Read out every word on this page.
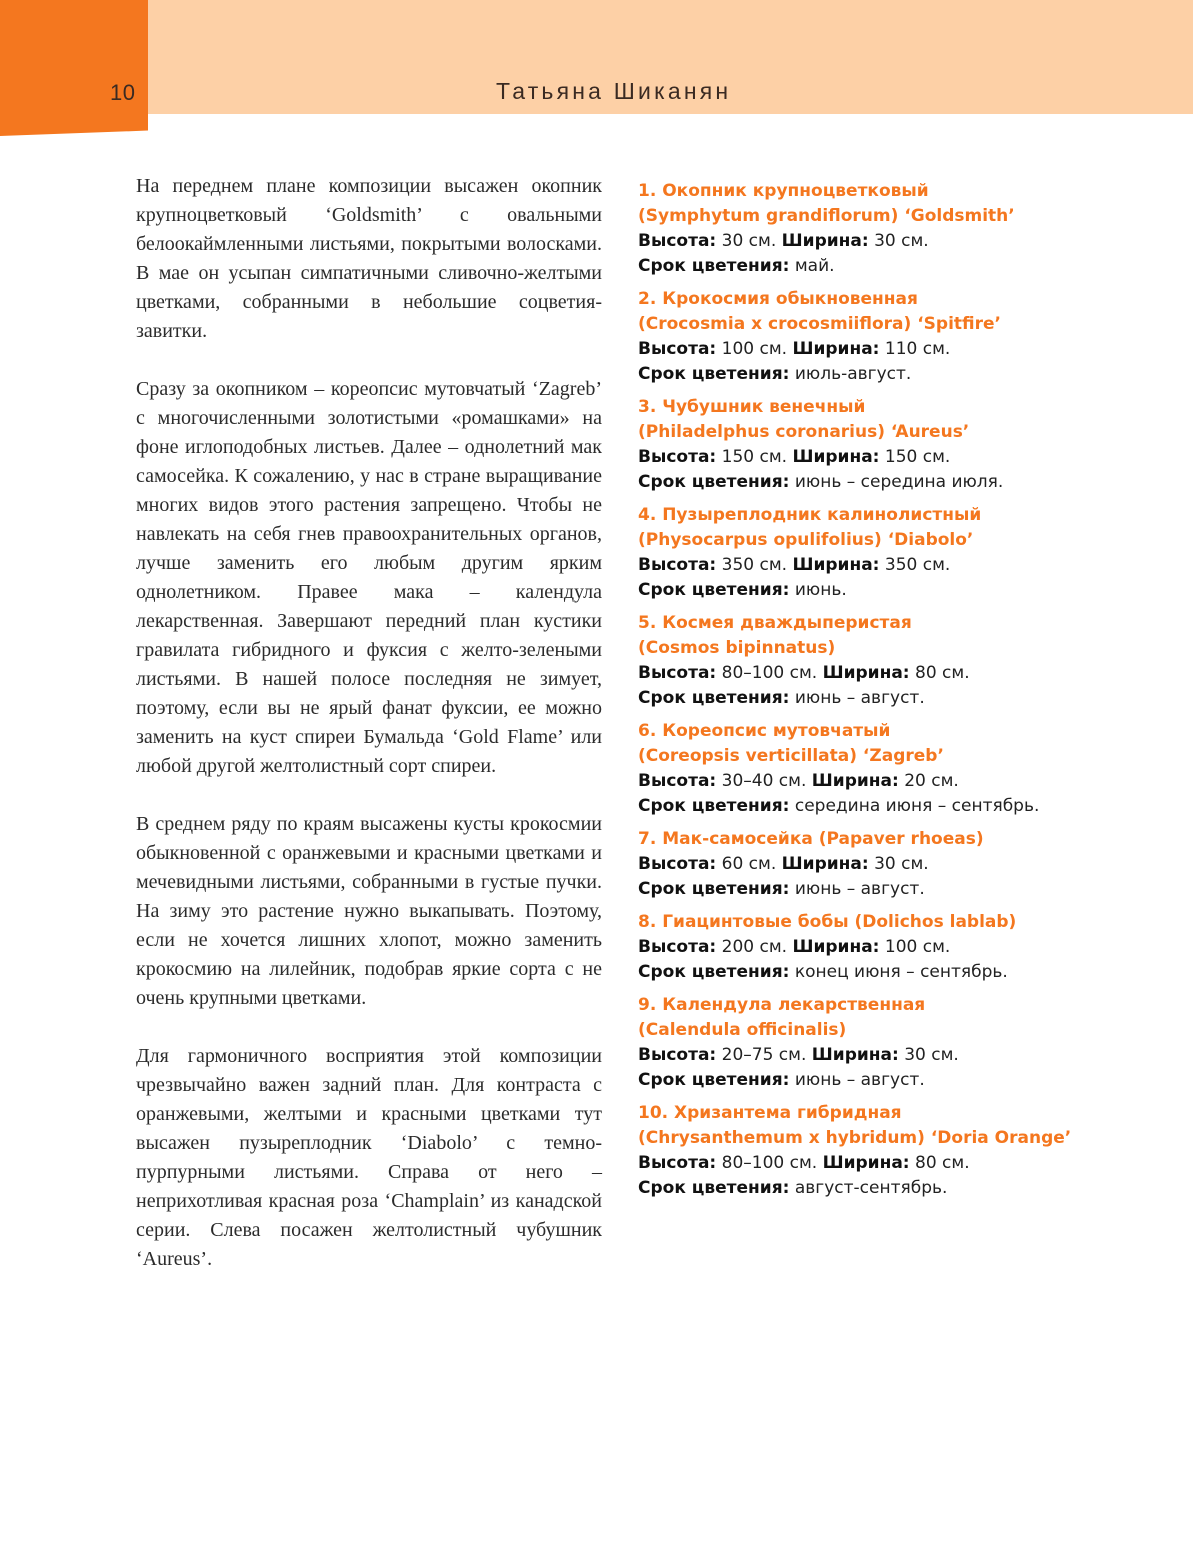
10	Татьяна Шиканян

На переднем плане композиции высажен окопник крупноцветковый ‘Goldsmith’ с овальными белоокаймленными листьями, покрытыми волосками. В мае он усыпан симпатичными сливочно-желтыми цветками, собранными в небольшие соцветия-завитки.

Сразу за окопником – кореопсис мутовчатый ‘Zagreb’ с многочисленными золотистыми «ромашками» на фоне иглоподобных листьев. Далее – однолетний мак самосейка. К сожалению, у нас в стране выращивание многих видов этого растения запрещено. Чтобы не навлекать на себя гнев правоохранительных органов, лучше заменить его любым другим ярким однолетником. Правее мака – календула лекарственная. Завершают передний план кустики гравилата гибридного и фуксия с желто-зелеными листьями. В нашей полосе последняя не зимует, поэтому, если вы не ярый фанат фуксии, ее можно заменить на куст спиреи Бумальда ‘Gold Flame’ или любой другой желтолистный сорт спиреи.

В среднем ряду по краям высажены кусты крокосмии обыкновенной с оранжевыми и красными цветками и мечевидными листьями, собранными в густые пучки. На зиму это растение нужно выкапывать. Поэтому, если не хочется лишних хлопот, можно заменить крокосмию на лилейник, подобрав яркие сорта с не очень крупными цветками.

Для гармоничного восприятия этой композиции чрезвычайно важен задний план. Для контраста с оранжевыми, желтыми и красными цветками тут высажен пузыреплодник ‘Diabolo’ с темно-пурпурными листьями. Справа от него – неприхотливая красная роза ‘Champlain’ из канадской серии. Слева посажен желтолистный чубушник ‘Aureus’.

1. Окопник крупноцветковый
(Symphytum grandiflorum) ‘Goldsmith’
Высота: 30 см. Ширина: 30 см.
Срок цветения: май.
2. Крокосмия обыкновенная
(Crocosmia x crocosmiiflora) ‘Spitfire’
Высота: 100 см. Ширина: 110 см.
Срок цветения: июль-август.
3. Чубушник венечный
(Philadelphus coronarius) ‘Aureus’
Высота: 150 см. Ширина: 150 см.
Срок цветения: июнь – середина июля.
4. Пузыреплодник калинолистный
(Physocarpus opulifolius) ‘Diabolo’
Высота: 350 см. Ширина: 350 см.
Срок цветения: июнь.
5. Космея дваждыперистая
(Cosmos bipinnatus)
Высота: 80–100 см. Ширина: 80 см.
Срок цветения: июнь – август.
6. Кореопсис мутовчатый
(Coreopsis verticillata) ‘Zagreb’
Высота: 30–40 см. Ширина: 20 см.
Срок цветения: середина июня – сентябрь.
7. Мак-самосейка (Papaver rhoeas)
Высота: 60 см. Ширина: 30 см.
Срок цветения: июнь – август.
8. Гиацинтовые бобы (Dolichos lablab)
Высота: 200 см. Ширина: 100 см.
Срок цветения: конец июня – сентябрь.
9. Календула лекарственная
(Calendula officinalis)
Высота: 20–75 см. Ширина: 30 см.
Срок цветения: июнь – август.
10. Хризантема гибридная
(Chrysanthemum x hybridum) ‘Doria Orange’
Высота: 80–100 см. Ширина: 80 см.
Срок цветения: август-сентябрь.
